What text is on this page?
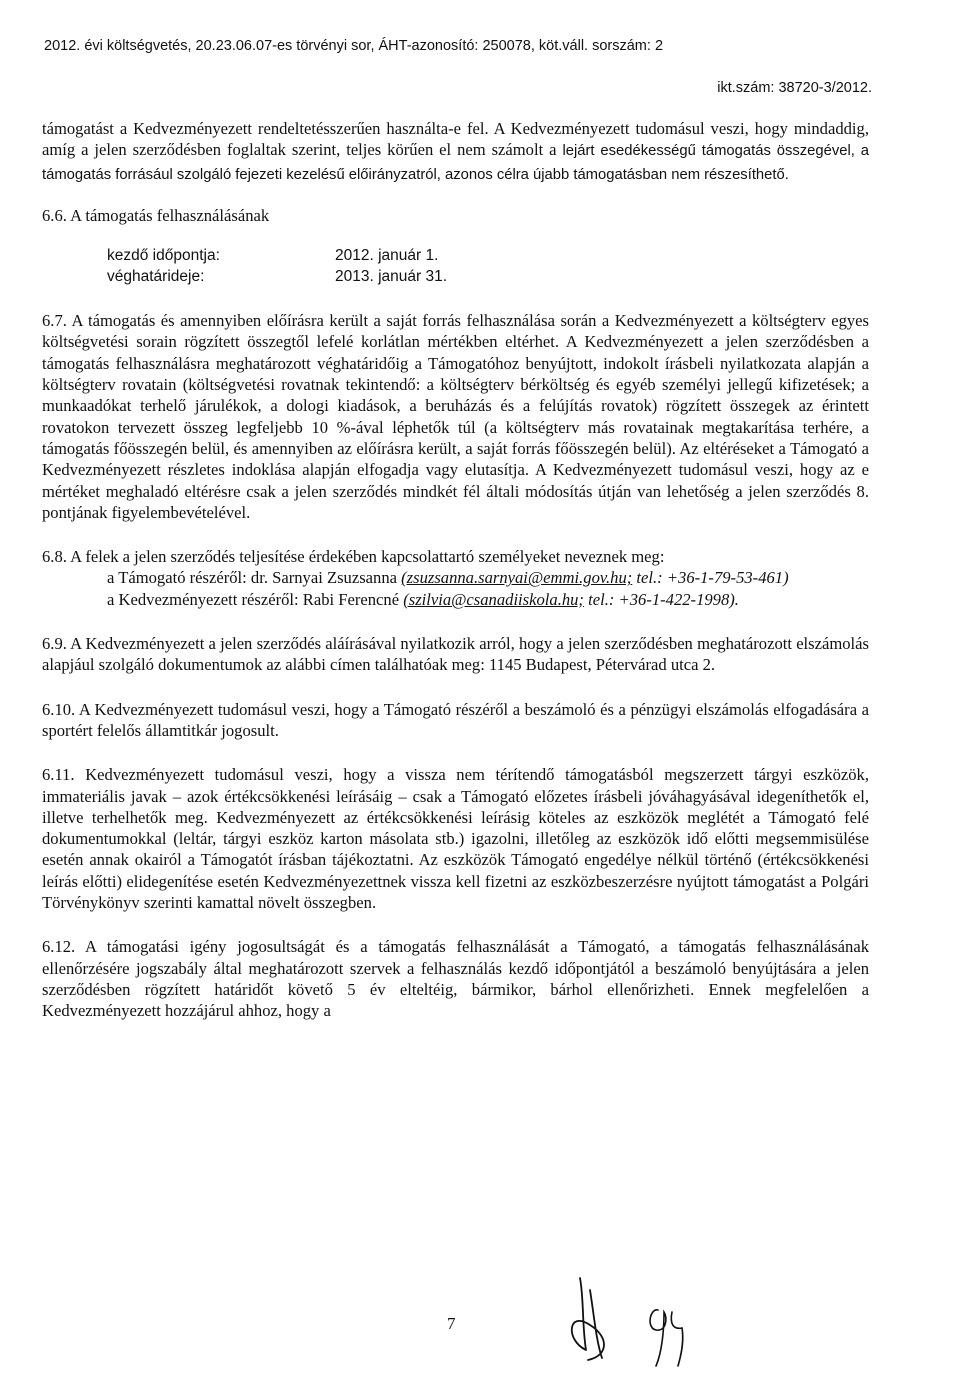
2012. évi költségvetés, 20.23.06.07-es törvényi sor, ÁHT-azonosító: 250078, köt.váll. sorszám: 2
ikt.szám: 38720-3/2012.

támogatást a Kedvezményezett rendeltetésszerűen használta-e fel. A Kedvezményezett tudomásul veszi, hogy mindaddig, amíg a jelen szerződésben foglaltak szerint, teljes körűen el nem számolt a lejárt esedékességű támogatás összegével, a támogatás forrásául szolgáló fejezeti kezelésű előirányzatról, azonos célra újabb támogatásban nem részesíthető.

6.6. A támogatás felhasználásának

kezdő időpontja:	2012. január 1.
véghatárideje:	2013. január 31.

6.7. A támogatás és amennyiben előírásra került a saját forrás felhasználása során a Kedvezményezett a költségterv egyes költségvetési sorain rögzített összegtől lefelé korlátlan mértékben eltérhet. A Kedvezményezett a jelen szerződésben a támogatás felhasználásra meghatározott véghatáridőig a Támogatóhoz benyújtott, indokolt írásbeli nyilatkozata alapján a költségterv rovatain (költségvetési rovatnak tekintendő: a költségterv bérköltség és egyéb személyi jellegű kifizetések; a munkaadókat terhelő járulékok, a dologi kiadások, a beruházás és a felújítás rovatok) rögzített összegek az érintett rovatokon tervezett összeg legfeljebb 10 %-ával léphetők túl (a költségterv más rovatainak megtakarítása terhére, a támogatás főösszegén belül, és amennyiben az előírásra került, a saját forrás főösszegén belül). Az eltéréseket a Támogató a Kedvezményezett részletes indoklása alapján elfogadja vagy elutasítja. A Kedvezményezett tudomásul veszi, hogy az e mértéket meghaladó eltérésre csak a jelen szerződés mindkét fél általi módosítás útján van lehetőség a jelen szerződés 8. pontjának figyelembevételével.

6.8. A felek a jelen szerződés teljesítése érdekében kapcsolattartó személyeket neveznek meg:

a Támogató részéről: dr. Sarnyai Zsuzsanna (zsuzsanna.sarnyai@emmi.gov.hu; tel.: +36-1-79-53-461)

a Kedvezményezett részéről: Rabi Ferencné (szilvia@csanadiiskola.hu; tel.: +36-1-422-1998).

6.9. A Kedvezményezett a jelen szerződés aláírásával nyilatkozik arról, hogy a jelen szerződésben meghatározott elszámolás alapjául szolgáló dokumentumok az alábbi címen találhatóak meg: 1145 Budapest, Pétervárad utca 2.

6.10. A Kedvezményezett tudomásul veszi, hogy a Támogató részéről a beszámoló és a pénzügyi elszámolás elfogadására a sportért felelős államtitkár jogosult.

6.11. Kedvezményezett tudomásul veszi, hogy a vissza nem térítendő támogatásból megszerzett tárgyi eszközök, immateriális javak – azok értékcsökkenési leírásáig – csak a Támogató előzetes írásbeli jóváhagyásával idegeníthetők el, illetve terhelhetők meg. Kedvezményezett az értékcsökkenési leírásig köteles az eszközök meglétét a Támogató felé dokumentumokkal (leltár, tárgyi eszköz karton másolata stb.) igazolni, illetőleg az eszközök idő előtti megsemmisülése esetén annak okairól a Támogatót írásban tájékoztatni. Az eszközök Támogató engedélye nélkül történő (értékcsökkenési leírás előtti) elidegenítése esetén Kedvezményezettnek vissza kell fizetni az eszközbeszerzésre nyújtott támogatást a Polgári Törvénykönyv szerinti kamattal növelt összegben.

6.12. A támogatási igény jogosultságát és a támogatás felhasználását a Támogató, a támogatás felhasználásának ellenőrzésére jogszabály által meghatározott szervek a felhasználás kezdő időpontjától a beszámoló benyújtására a jelen szerződésben rögzített határidőt követő 5 év elteltéig, bármikor, bárhol ellenőrizheti. Ennek megfelelően a Kedvezményezett hozzájárul ahhoz, hogy a

7
